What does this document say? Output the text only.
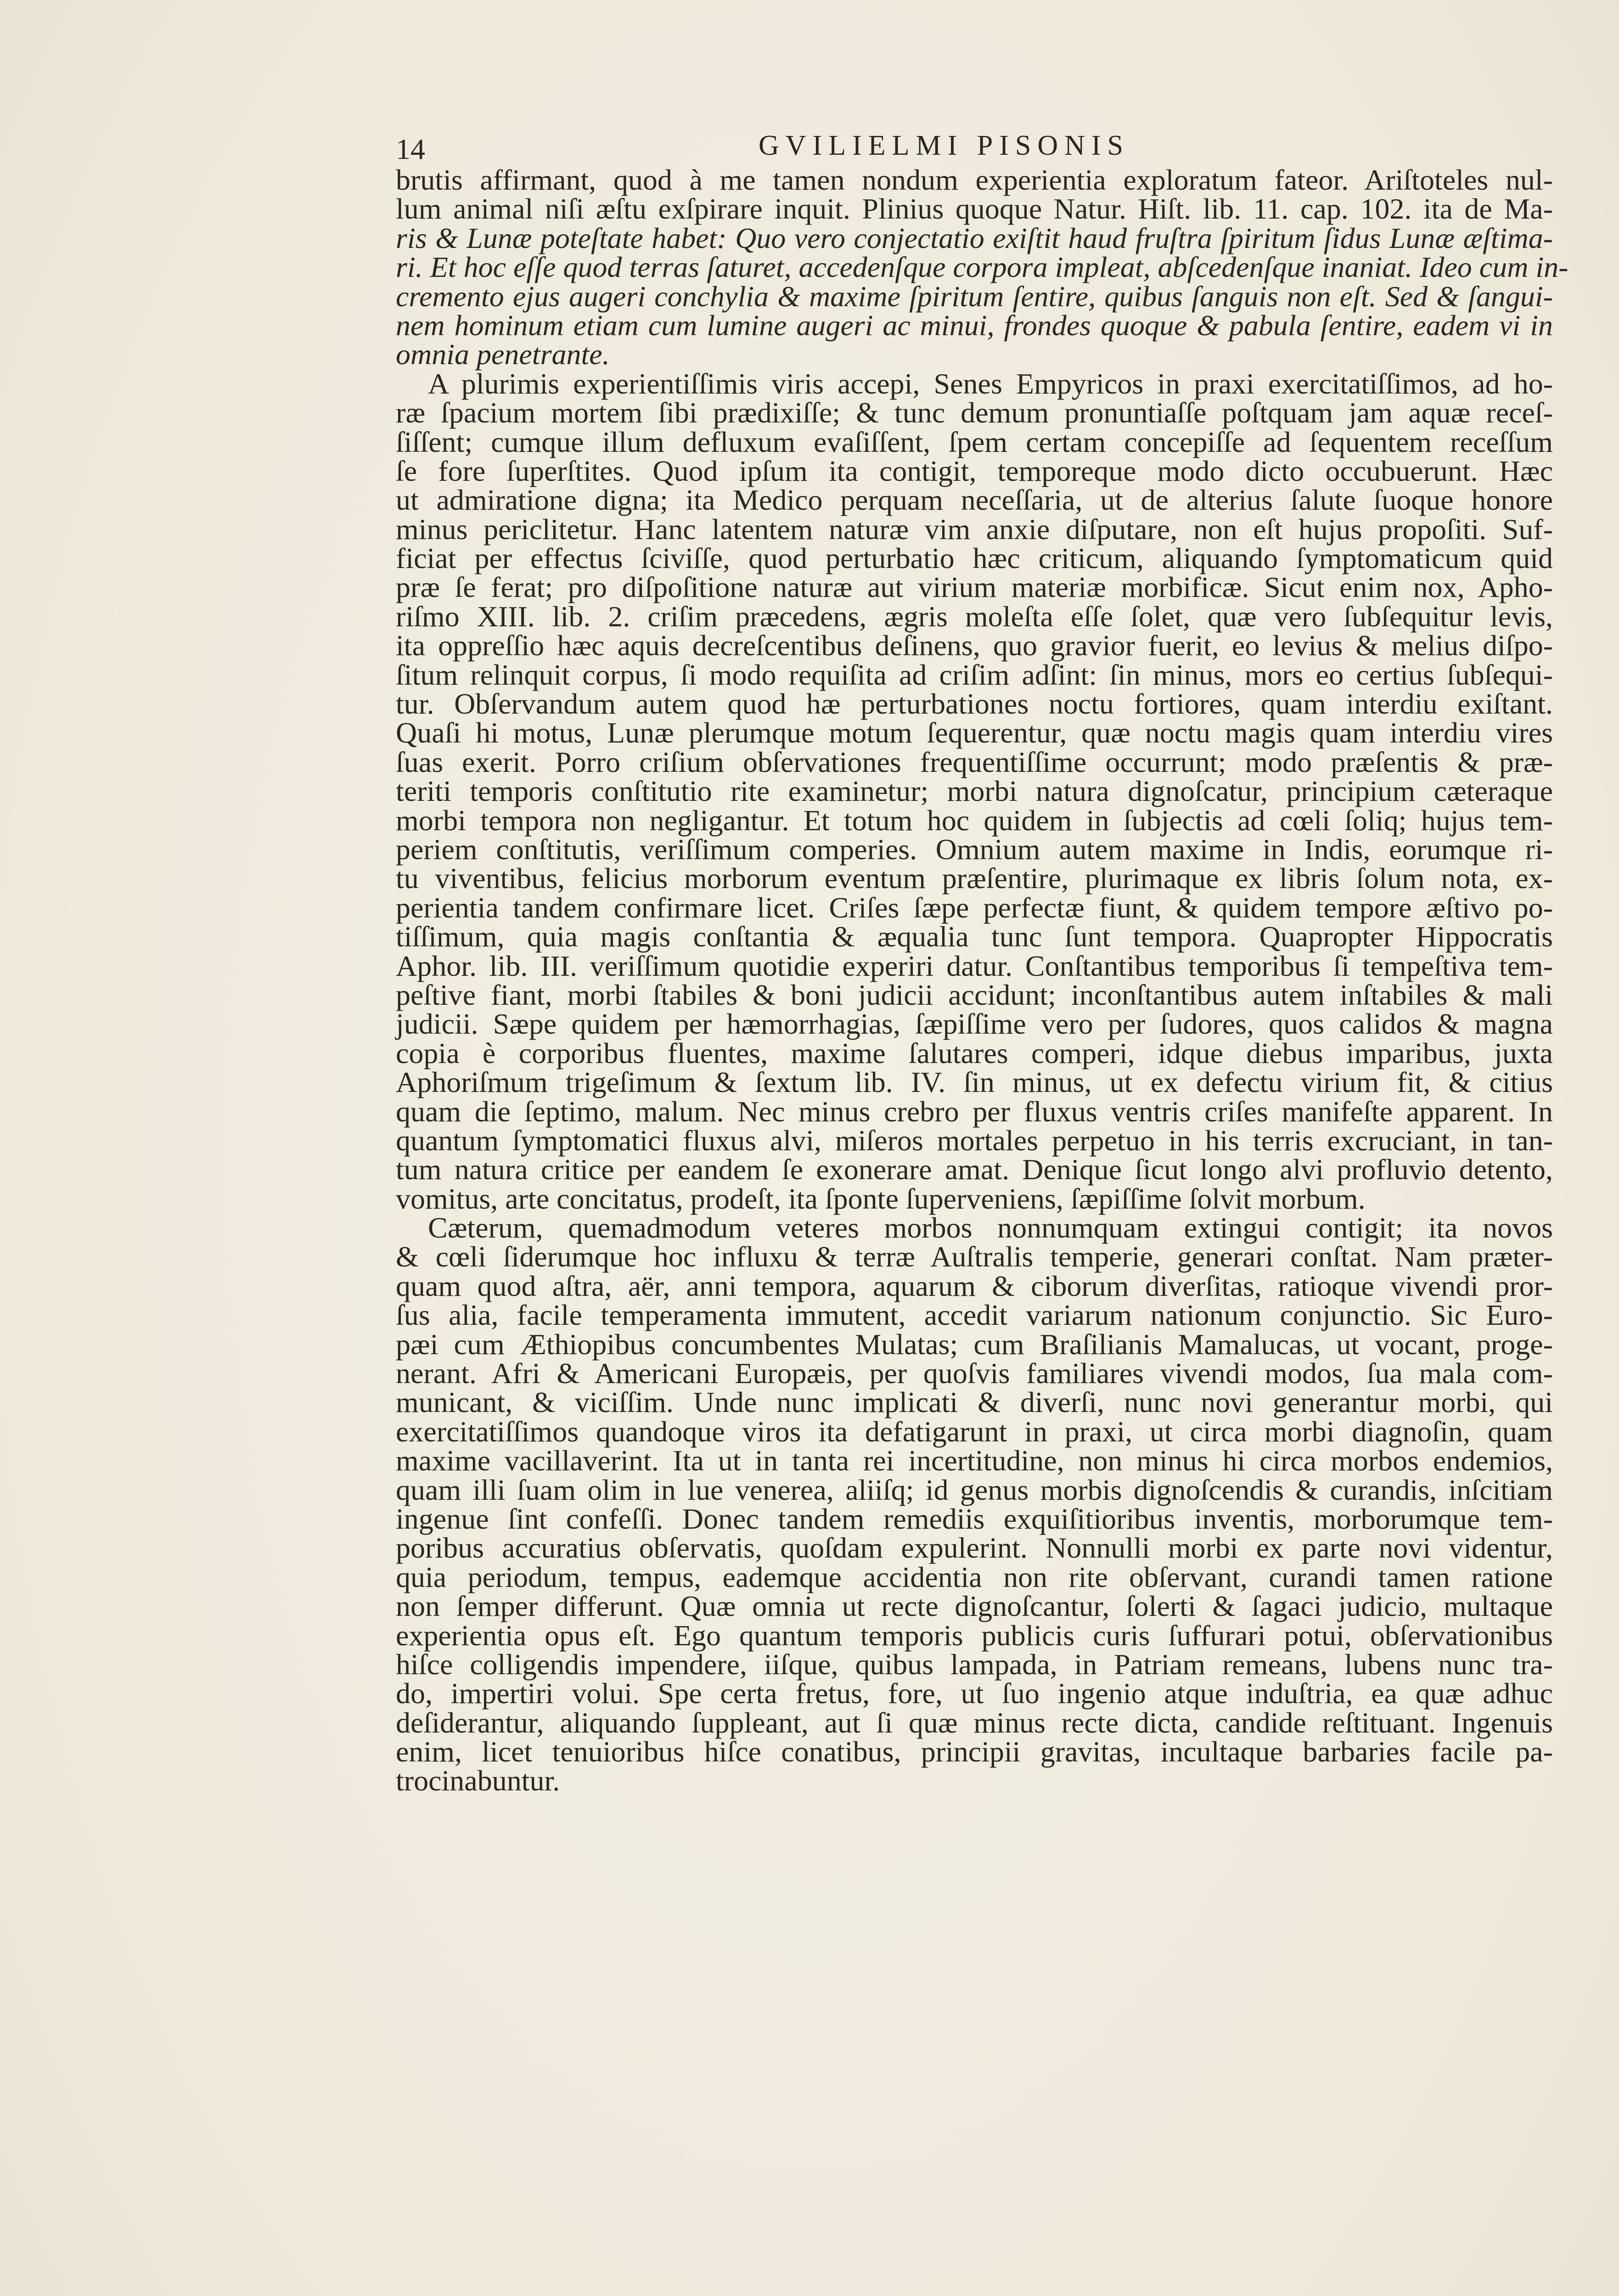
14	GVILIELMI PISONIS
brutis affirmant, quod à me tamen nondum experientia exploratum fateor. Ariſtoteles nul-
lum animal niſi æſtu exſpirare inquit. Plinius quoque Natur. Hiſt. lib. 11. cap. 102. ita de Ma-
ris & Lunæ poteſtate habet: Quo vero conjectatio exiſtit haud fruſtra ſpiritum ſidus Lunæ æſtima-
ri. Et hoc eſſe quod terras ſaturet, accedenſque corpora impleat, abſcedenſque inaniat. Ideo cum in-
cremento ejus augeri conchylia & maxime ſpiritum ſentire, quibus ſanguis non eſt. Sed & ſangui-
nem hominum etiam cum lumine augeri ac minui, frondes quoque & pabula ſentire, eadem vi in
omnia penetrante.
A plurimis experientiſſimis viris accepi, Senes Empyricos in praxi exercitatiſſimos, ad ho-
ræ ſpacium mortem ſibi prædixiſſe; & tunc demum pronuntiaſſe poſtquam jam aquæ receſ-
ſiſſent; cumque illum defluxum evaſiſſent, ſpem certam concepiſſe ad ſequentem receſſum
ſe fore ſuperſtites. Quod ipſum ita contigit, temporeque modo dicto occubuerunt. Hæc
ut admiratione digna; ita Medico perquam neceſſaria, ut de alterius ſalute ſuoque honore
minus periclitetur. Hanc latentem naturæ vim anxie diſputare, non eſt hujus propoſiti. Suf-
ficiat per effectus ſciviſſe, quod perturbatio hæc criticum, aliquando ſymptomaticum quid
præ ſe ferat; pro diſpoſitione naturæ aut virium materiæ morbificæ. Sicut enim nox, Apho-
riſmo XIII. lib. 2. criſim præcedens, ægris moleſta eſſe ſolet, quæ vero ſubſequitur levis,
ita oppreſſio hæc aquis decreſcentibus deſinens, quo gravior fuerit, eo levius & melius diſpo-
ſitum relinquit corpus, ſi modo requiſita ad criſim adſint: ſin minus, mors eo certius ſubſequi-
tur. Obſervandum autem quod hæ perturbationes noctu fortiores, quam interdiu exiſtant.
Quaſi hi motus, Lunæ plerumque motum ſequerentur, quæ noctu magis quam interdiu vires
ſuas exerit. Porro criſium obſervationes frequentiſſime occurrunt; modo præſentis & præ-
teriti temporis conſtitutio rite examinetur; morbi natura dignoſcatur, principium cæteraque
morbi tempora non negligantur. Et totum hoc quidem in ſubjectis ad cœli ſoliq; hujus tem-
periem conſtitutis, veriſſimum comperies. Omnium autem maxime in Indis, eorumque ri-
tu viventibus, felicius morborum eventum præſentire, plurimaque ex libris ſolum nota, ex-
perientia tandem confirmare licet. Criſes ſæpe perfectæ fiunt, & quidem tempore æſtivo po-
tiſſimum, quia magis conſtantia & æqualia tunc ſunt tempora. Quapropter Hippocratis
Aphor. lib. III. veriſſimum quotidie experiri datur. Conſtantibus temporibus ſi tempeſtiva tem-
peſtive fiant, morbi ſtabiles & boni judicii accidunt; inconſtantibus autem inſtabiles & mali
judicii. Sæpe quidem per hæmorrhagias, ſæpiſſime vero per ſudores, quos calidos & magna
copia è corporibus fluentes, maxime ſalutares comperi, idque diebus imparibus, juxta
Aphoriſmum trigeſimum & ſextum lib. IV. ſin minus, ut ex defectu virium fit, & citius
quam die ſeptimo, malum. Nec minus crebro per fluxus ventris criſes manifeſte apparent. In
quantum ſymptomatici fluxus alvi, miſeros mortales perpetuo in his terris excruciant, in tan-
tum natura critice per eandem ſe exonerare amat. Denique ſicut longo alvi profluvio detento,
vomitus, arte concitatus, prodeſt, ita ſponte ſuperveniens, ſæpiſſime ſolvit morbum.
Cæterum, quemadmodum veteres morbos nonnumquam extingui contigit; ita novos
& cœli ſiderumque hoc influxu & terræ Auſtralis temperie, generari conſtat. Nam præter-
quam quod aſtra, aër, anni tempora, aquarum & ciborum diverſitas, ratioque vivendi pror-
ſus alia, facile temperamenta immutent, accedit variarum nationum conjunctio. Sic Euro-
pæi cum Æthiopibus concumbentes Mulatas; cum Braſilianis Mamalucas, ut vocant, proge-
nerant. Afri & Americani Europæis, per quoſvis familiares vivendi modos, ſua mala com-
municant, & viciſſim. Unde nunc implicati & diverſi, nunc novi generantur morbi, qui
exercitatiſſimos quandoque viros ita defatigarunt in praxi, ut circa morbi diagnoſin, quam
maxime vacillaverint. Ita ut in tanta rei incertitudine, non minus hi circa morbos endemios,
quam illi ſuam olim in lue venerea, aliiſq; id genus morbis dignoſcendis & curandis, inſcitiam
ingenue ſint confeſſi. Donec tandem remediis exquiſitioribus inventis, morborumque tem-
poribus accuratius obſervatis, quoſdam expulerint. Nonnulli morbi ex parte novi videntur,
quia periodum, tempus, eademque accidentia non rite obſervant, curandi tamen ratione
non ſemper differunt. Quæ omnia ut recte dignoſcantur, ſolerti & ſagaci judicio, multaque
experientia opus eſt. Ego quantum temporis publicis curis ſuffurari potui, obſervationibus
hiſce colligendis impendere, iiſque, quibus lampada, in Patriam remeans, lubens nunc tra-
do, impertiri volui. Spe certa fretus, fore, ut ſuo ingenio atque induſtria, ea quæ adhuc
deſiderantur, aliquando ſuppleant, aut ſi quæ minus recte dicta, candide reſtituant. Ingenuis
enim, licet tenuioribus hiſce conatibus, principii gravitas, incultaque barbaries facile pa-
trocinabuntur.
